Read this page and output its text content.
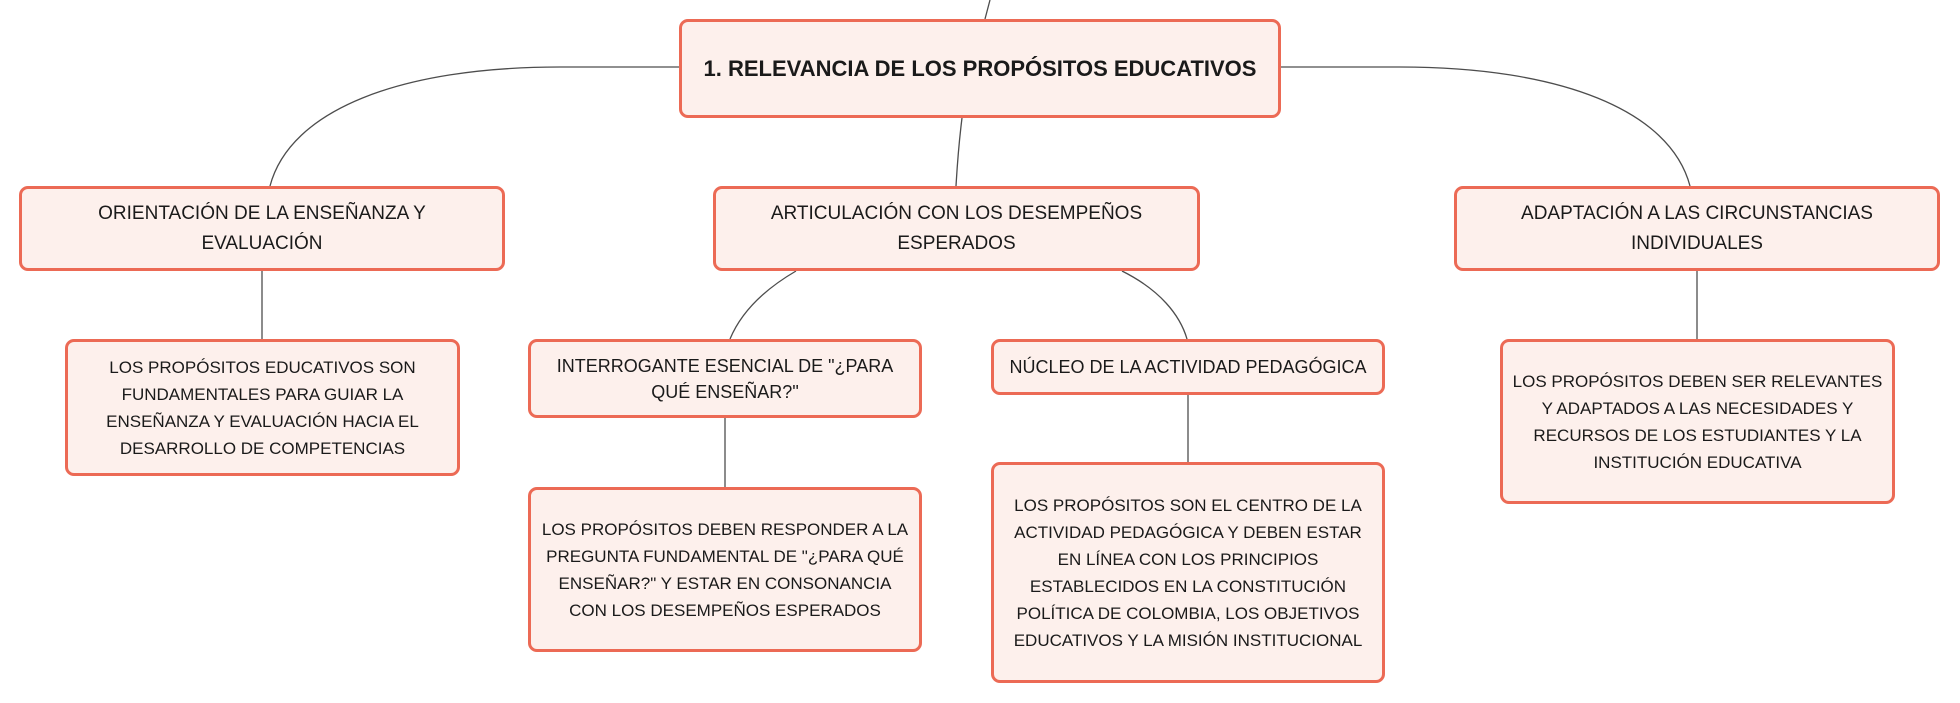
1. RELEVANCIA DE LOS PROPÓSITOS EDUCATIVOS
ORIENTACIÓN DE LA ENSEÑANZA Y EVALUACIÓN
ARTICULACIÓN CON LOS DESEMPEÑOS ESPERADOS
ADAPTACIÓN A LAS CIRCUNSTANCIAS INDIVIDUALES
LOS PROPÓSITOS EDUCATIVOS SON FUNDAMENTALES PARA GUIAR LA ENSEÑANZA Y EVALUACIÓN HACIA EL DESARROLLO DE COMPETENCIAS
INTERROGANTE ESENCIAL DE "¿PARA QUÉ ENSEÑAR?"
NÚCLEO DE LA ACTIVIDAD PEDAGÓGICA
LOS PROPÓSITOS DEBEN RESPONDER A LA PREGUNTA FUNDAMENTAL DE "¿PARA QUÉ ENSEÑAR?" Y ESTAR EN CONSONANCIA CON LOS DESEMPEÑOS ESPERADOS
LOS PROPÓSITOS SON EL CENTRO DE LA ACTIVIDAD PEDAGÓGICA Y DEBEN ESTAR EN LÍNEA CON LOS PRINCIPIOS ESTABLECIDOS EN LA CONSTITUCIÓN POLÍTICA DE COLOMBIA, LOS OBJETIVOS EDUCATIVOS Y LA MISIÓN INSTITUCIONAL
LOS PROPÓSITOS DEBEN SER RELEVANTES Y ADAPTADOS A LAS NECESIDADES Y RECURSOS DE LOS ESTUDIANTES Y LA INSTITUCIÓN EDUCATIVA
